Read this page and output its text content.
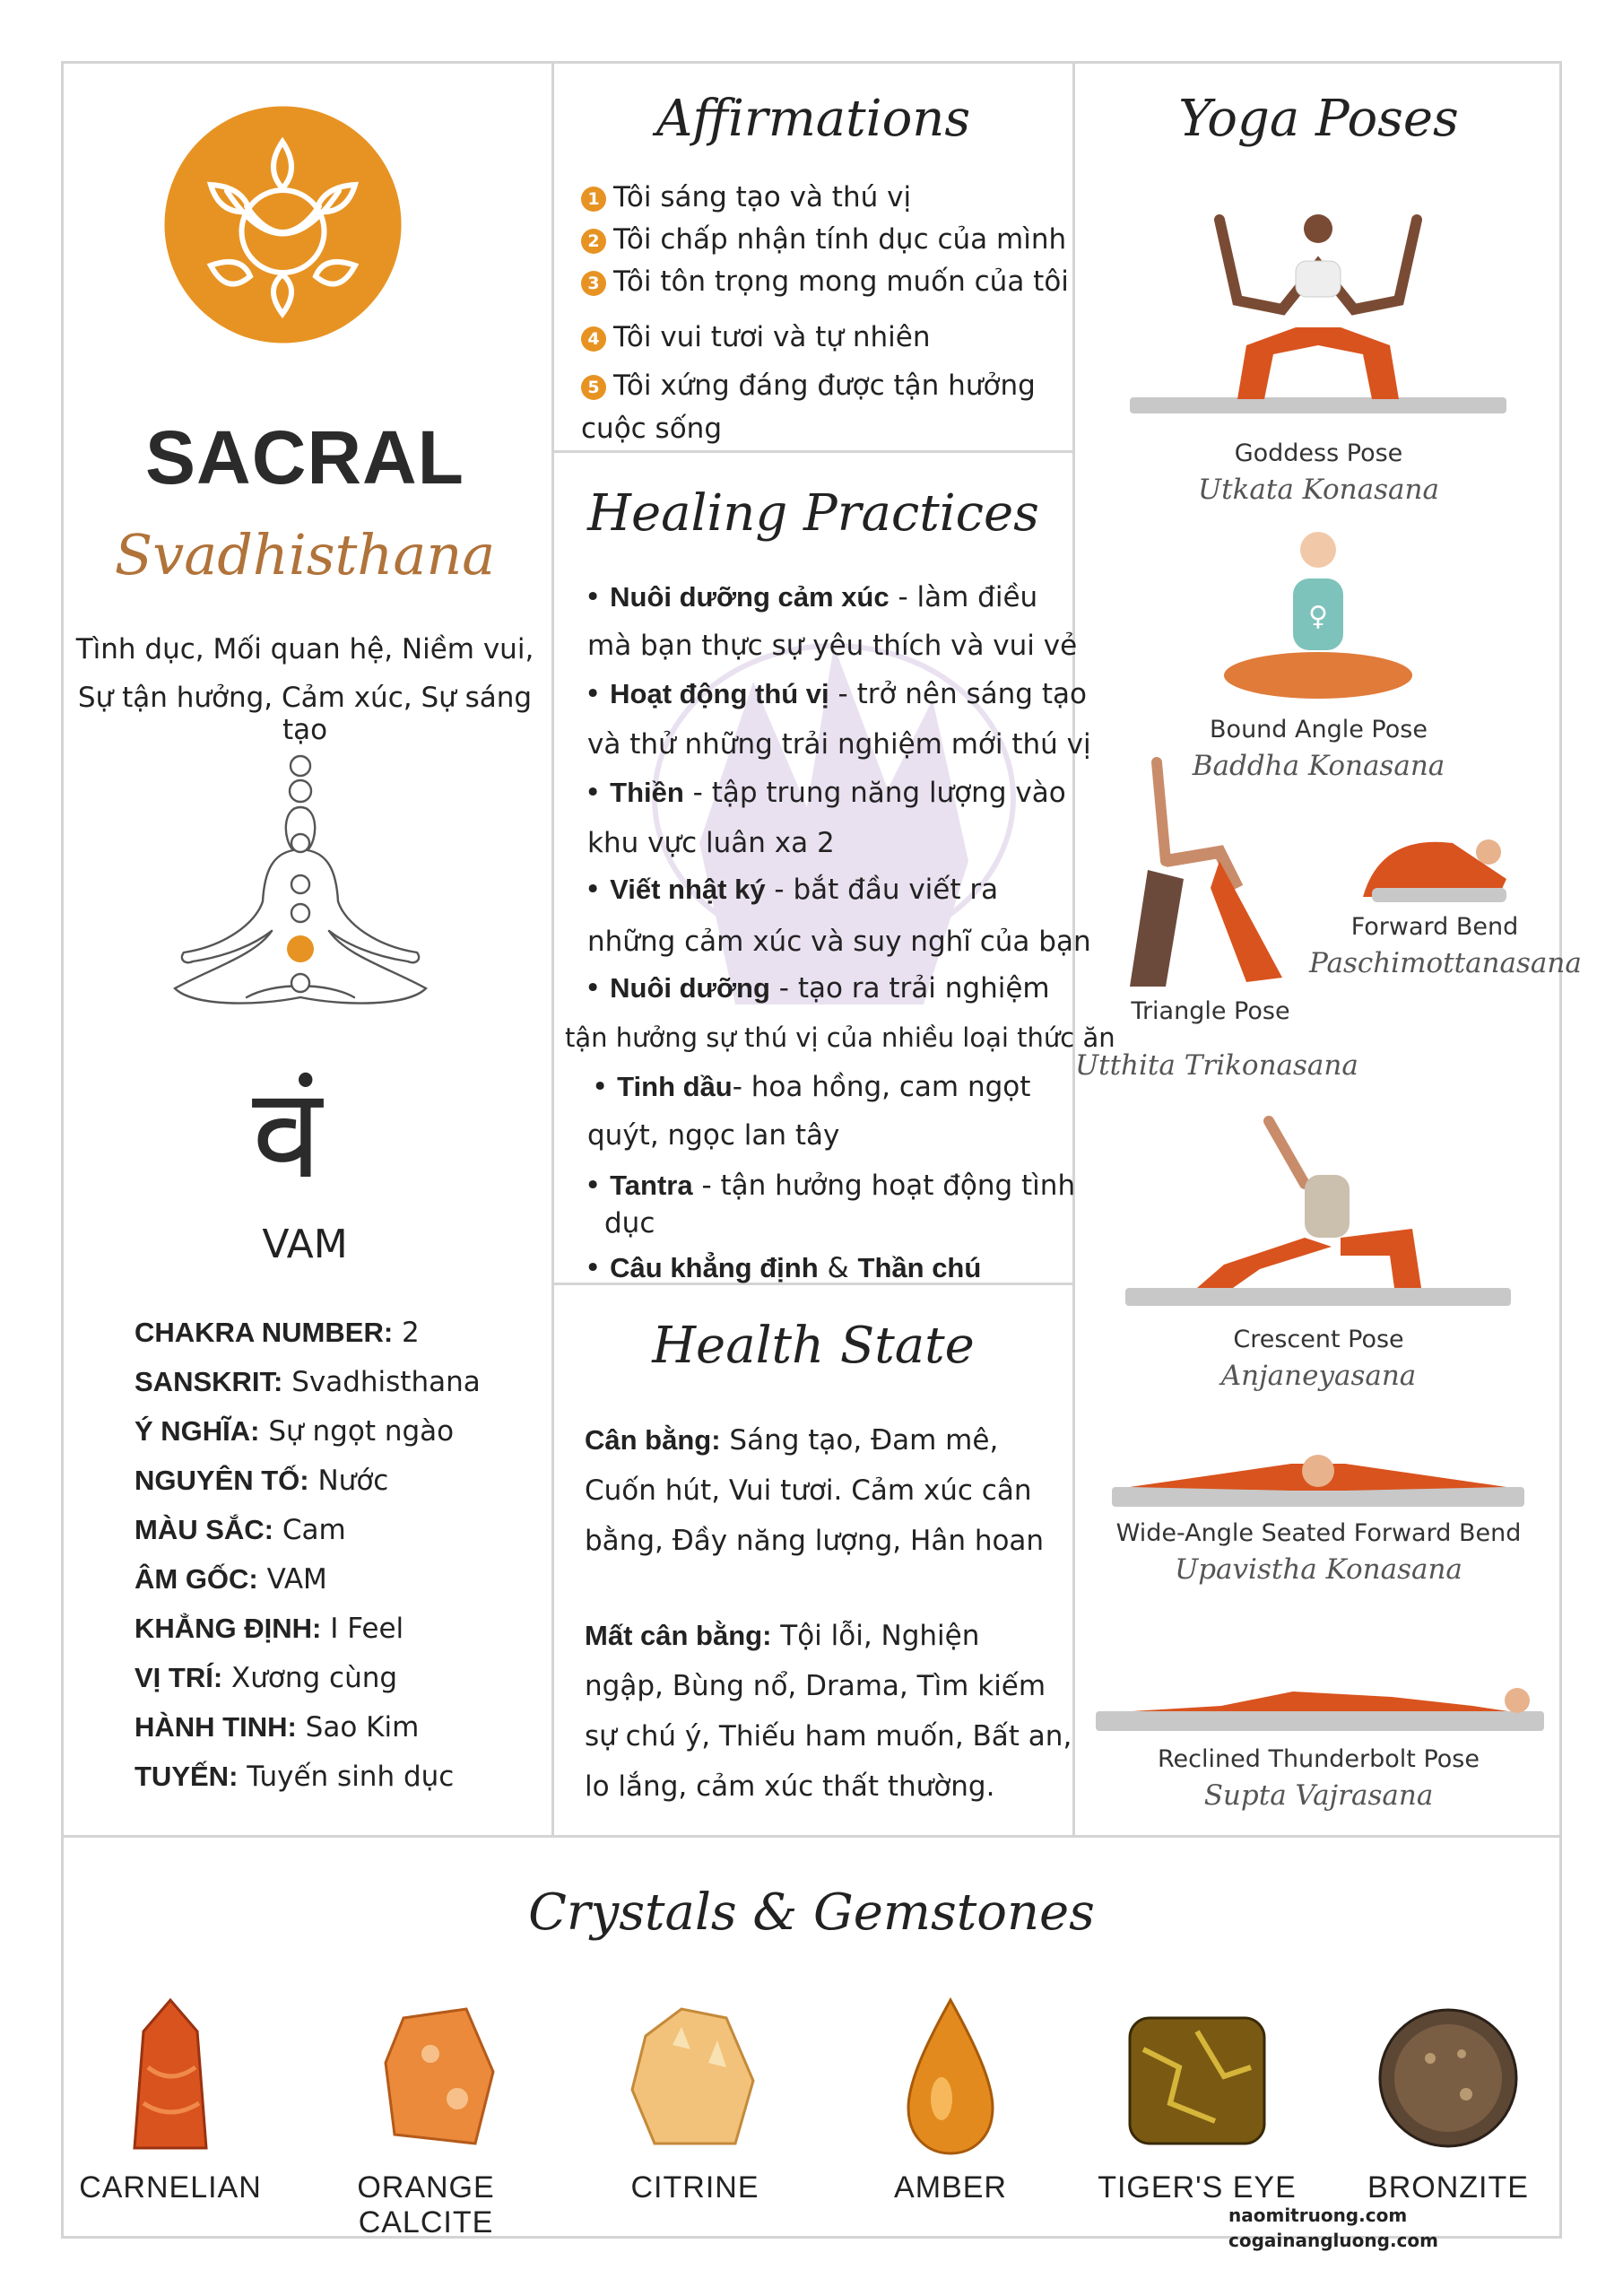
SACRAL
Svadhisthana
Tình dục, Mối quan hệ, Niềm vui,
Sự tận hưởng, Cảm xúc, Sự sáng tạo
वं
VAM
CHAKRA NUMBER: 2
SANSKRIT: Svadhisthana
Ý NGHĨA: Sự ngọt ngào
NGUYÊN TỐ: Nước
MÀU SẮC: Cam
ÂM GỐC: VAM
KHẲNG ĐỊNH: I Feel
VỊ TRÍ: Xương cùng
HÀNH TINH: Sao Kim
TUYẾN: Tuyến sinh dục
Affirmations
1 Tôi sáng tạo và thú vị
2 Tôi chấp nhận tính dục của mình
3 Tôi tôn trọng mong muốn của tôi
4 Tôi vui tươi và tự nhiên
5 Tôi xứng đáng được tận hưởng
cuộc sống
Healing Practices
• Nuôi dưỡng cảm xúc - làm điều
mà bạn thực sự yêu thích và vui vẻ
• Hoạt động thú vị - trở nên sáng tạo
và thử những trải nghiệm mới thú vị
• Thiền - tập trung năng lượng vào
khu vực luân xa 2
• Viết nhật ký - bắt đầu viết ra
những cảm xúc và suy nghĩ của bạn
• Nuôi dưỡng - tạo ra trải nghiệm
tận hưởng sự thú vị của nhiều loại thức ăn
• Tinh dầu- hoa hồng, cam ngọt
quýt, ngọc lan tây
• Tantra - tận hưởng hoạt động tình
dục
• Câu khẳng định & Thần chú
Health State
Cân bằng: Sáng tạo, Đam mê,
Cuốn hút, Vui tươi. Cảm xúc cân
bằng, Đầy năng lượng, Hân hoan
Mất cân bằng: Tội lỗi, Nghiện
ngập, Bùng nổ, Drama, Tìm kiếm
sự chú ý, Thiếu ham muốn, Bất an,
lo lắng, cảm xúc thất thường.
Yoga Poses
Goddess Pose
Utkata Konasana
♀
Bound Angle Pose
Baddha Konasana
Triangle Pose
Utthita Trikonasana
Forward Bend
Paschimottanasana
Crescent Pose
Anjaneyasana
Wide-Angle Seated Forward Bend
Upavistha Konasana
Reclined Thunderbolt Pose
Supta Vajrasana
Crystals & Gemstones
CARNELIAN	ORANGE CALCITE
CITRINE	AMBER	TIGER'S EYE	BRONZITE
naomitruong.com
cogainangluong.com
